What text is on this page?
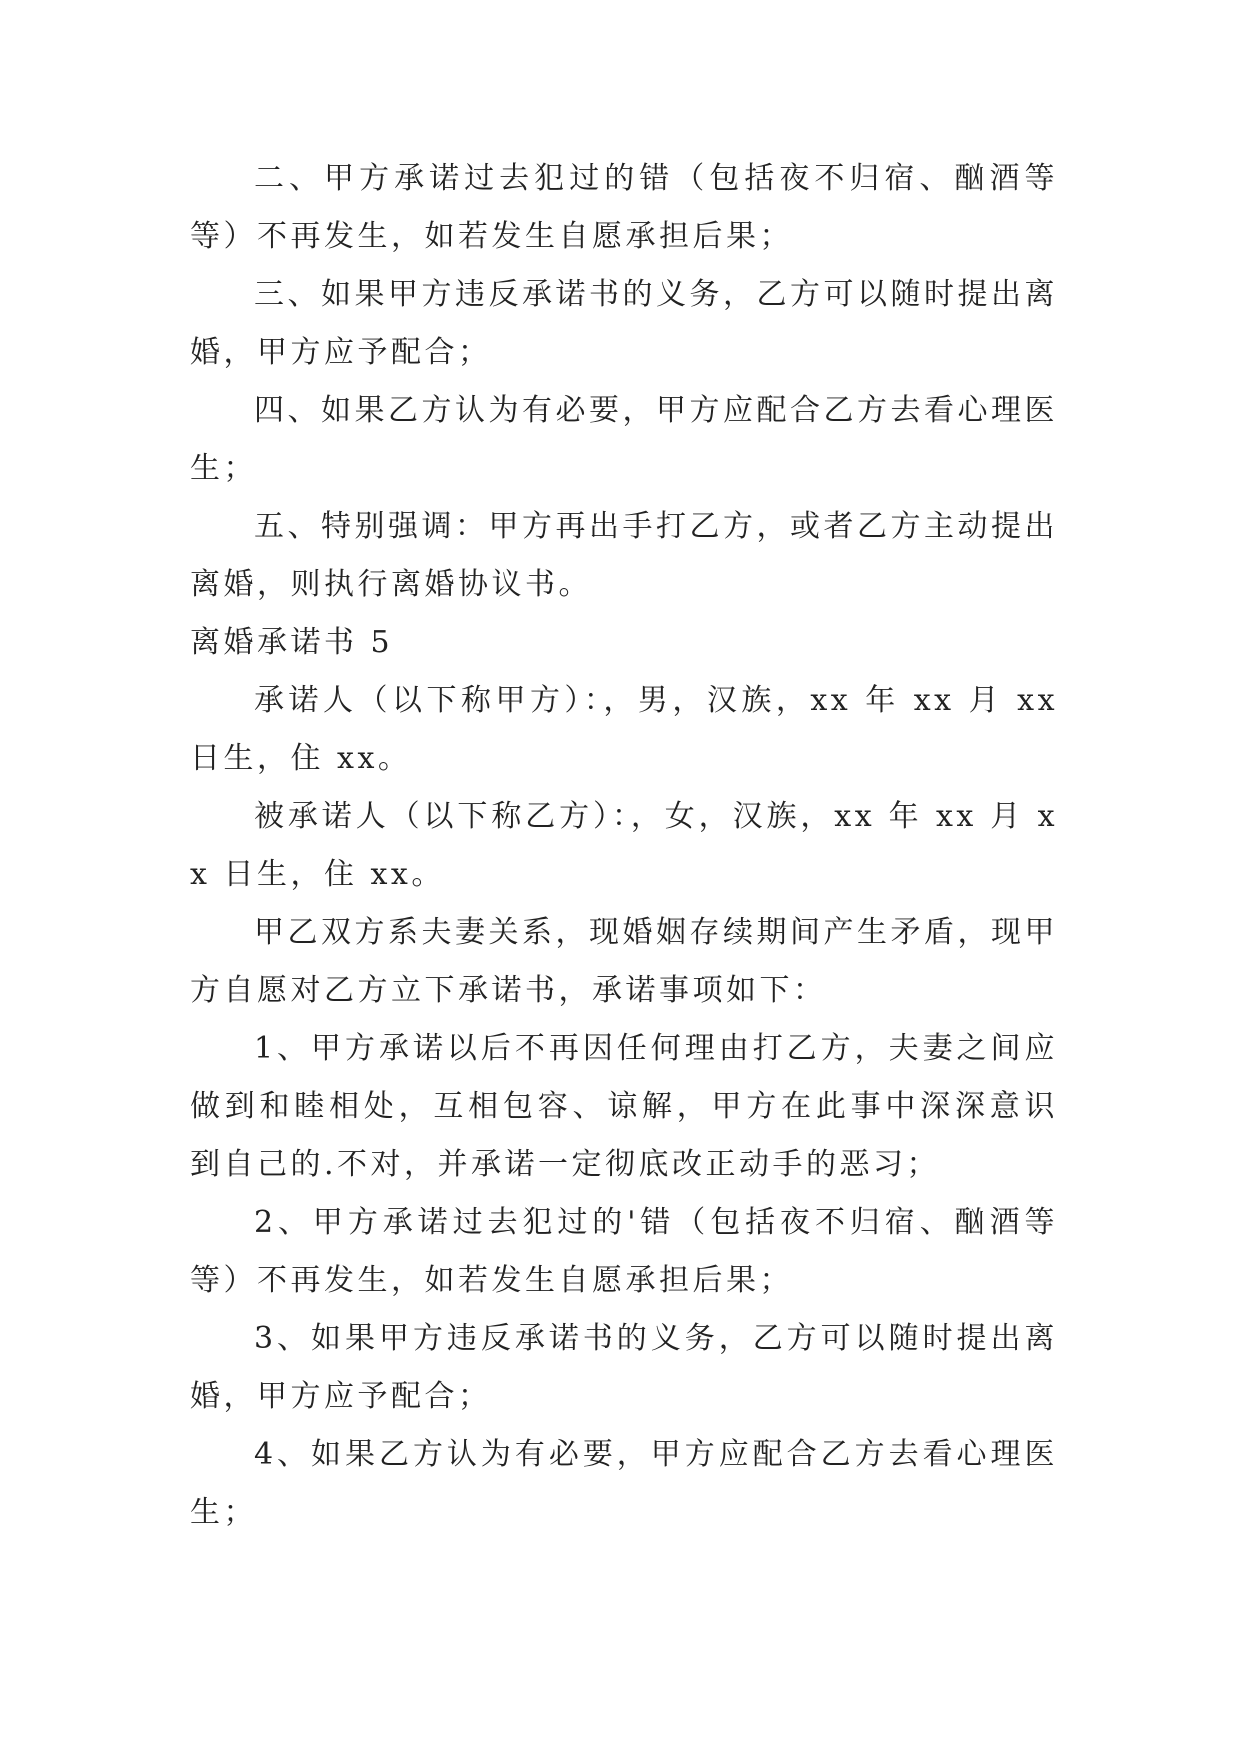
二、甲方承诺过去犯过的错（包括夜不归宿、酗酒等等）不再发生，如若发生自愿承担后果；

三、如果甲方违反承诺书的义务，乙方可以随时提出离婚，甲方应予配合；

四、如果乙方认为有必要，甲方应配合乙方去看心理医生；

五、特别强调：甲方再出手打乙方，或者乙方主动提出离婚，则执行离婚协议书。

离婚承诺书 5

承诺人（以下称甲方）：，男，汉族，xx 年 xx 月 xx 日生，住 xx。

被承诺人（以下称乙方）：，女，汉族，xx 年 xx 月 xx 日生，住 xx。

甲乙双方系夫妻关系，现婚姻存续期间产生矛盾，现甲方自愿对乙方立下承诺书，承诺事项如下：

1、甲方承诺以后不再因任何理由打乙方，夫妻之间应做到和睦相处，互相包容、谅解，甲方在此事中深深意识到自己的.不对，并承诺一定彻底改正动手的恶习；

2、甲方承诺过去犯过的'错（包括夜不归宿、酗酒等等）不再发生，如若发生自愿承担后果；

3、如果甲方违反承诺书的义务，乙方可以随时提出离婚，甲方应予配合；

4、如果乙方认为有必要，甲方应配合乙方去看心理医生；
